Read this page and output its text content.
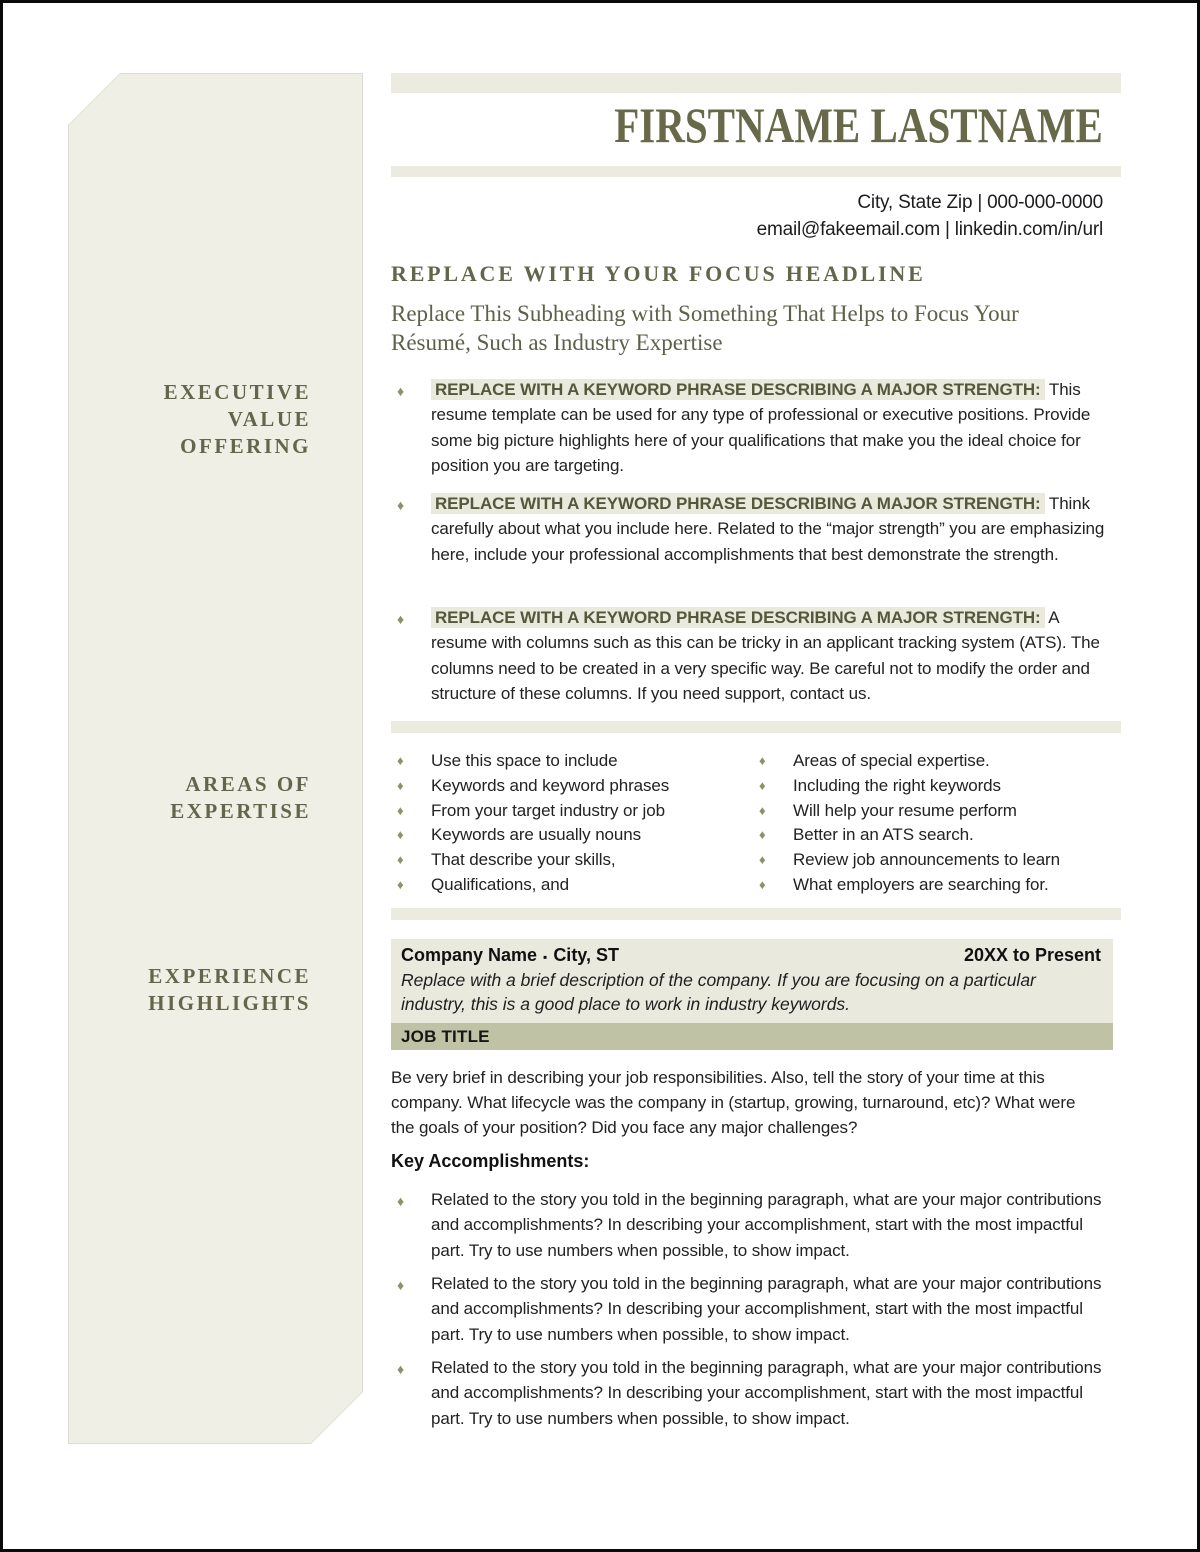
EXECUTIVE VALUE OFFERING
AREAS OF EXPERTISE
EXPERIENCE HIGHLIGHTS
FIRSTNAME LASTNAME
City, State Zip | 000-000-0000
email@fakeemail.com | linkedin.com/in/url
REPLACE WITH YOUR FOCUS HEADLINE
Replace This Subheading with Something That Helps to Focus Your Résumé, Such as Industry Expertise
♦ REPLACE WITH A KEYWORD PHRASE DESCRIBING A MAJOR STRENGTH: This resume template can be used for any type of professional or executive positions. Provide some big picture highlights here of your qualifications that make you the ideal choice for position you are targeting.
♦ REPLACE WITH A KEYWORD PHRASE DESCRIBING A MAJOR STRENGTH: Think carefully about what you include here. Related to the “major strength” you are emphasizing here, include your professional accomplishments that best demonstrate the strength.
♦ REPLACE WITH A KEYWORD PHRASE DESCRIBING A MAJOR STRENGTH: A resume with columns such as this can be tricky in an applicant tracking system (ATS). The columns need to be created in a very specific way. Be careful not to modify the order and structure of these columns. If you need support, contact us.
♦ Use this space to include
♦ Keywords and keyword phrases
♦ From your target industry or job
♦ Keywords are usually nouns
♦ That describe your skills,
♦ Qualifications, and
♦ Areas of special expertise.
♦ Including the right keywords
♦ Will help your resume perform
♦ Better in an ATS search.
♦ Review job announcements to learn
♦ What employers are searching for.
Company Name ▪ City, ST	20XX to Present
Replace with a brief description of the company. If you are focusing on a particular industry, this is a good place to work in industry keywords.
JOB TITLE
Be very brief in describing your job responsibilities. Also, tell the story of your time at this company. What lifecycle was the company in (startup, growing, turnaround, etc)? What were the goals of your position? Did you face any major challenges?
Key Accomplishments:
♦ Related to the story you told in the beginning paragraph, what are your major contributions and accomplishments? In describing your accomplishment, start with the most impactful part. Try to use numbers when possible, to show impact.
♦ Related to the story you told in the beginning paragraph, what are your major contributions and accomplishments? In describing your accomplishment, start with the most impactful part. Try to use numbers when possible, to show impact.
♦ Related to the story you told in the beginning paragraph, what are your major contributions and accomplishments? In describing your accomplishment, start with the most impactful part. Try to use numbers when possible, to show impact.
